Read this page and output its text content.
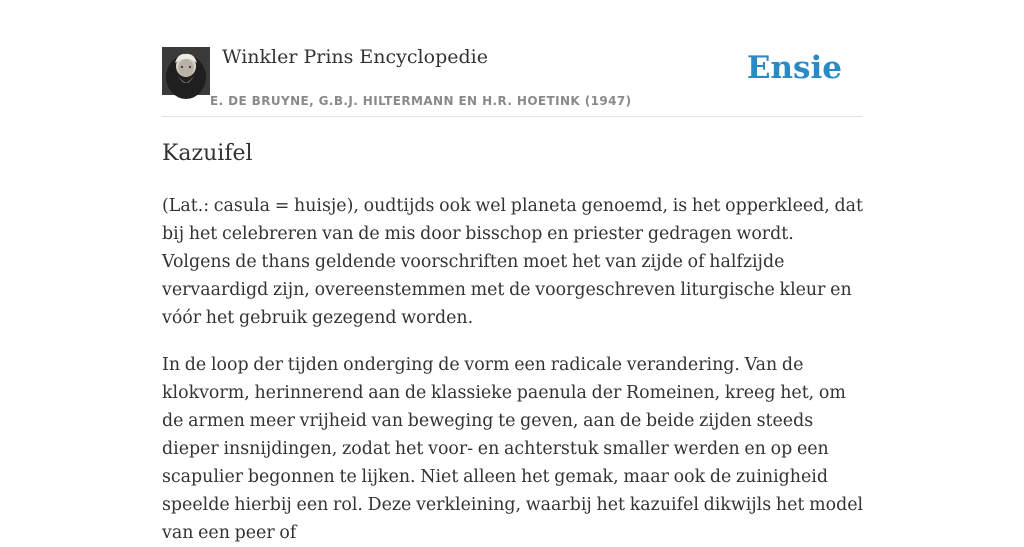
Winkler Prins Encyclopedie
E. DE BRUYNE, G.B.J. HILTERMANN EN H.R. HOETINK (1947)
Ensie
Kazuifel

(Lat.: casula = huisje), oudtijds ook wel planeta genoemd, is het opperkleed, dat bij het celebreren van de mis door bisschop en priester gedragen wordt. Volgens de thans geldende voorschriften moet het van zijde of halfzijde vervaardigd zijn, overeenstemmen met de voorgeschreven liturgische kleur en vóór het gebruik gezegend worden.

In de loop der tijden onderging de vorm een radicale verandering. Van de klokvorm, herinnerend aan de klassieke paenula der Romeinen, kreeg het, om de armen meer vrijheid van beweging te geven, aan de beide zijden steeds dieper insnijdingen, zodat het voor- en achterstuk smaller werden en op een scapulier begonnen te lijken. Niet alleen het gemak, maar ook de zuinigheid speelde hierbij een rol. Deze verkleining, waarbij het kazuifel dikwijls het model van een peer of
